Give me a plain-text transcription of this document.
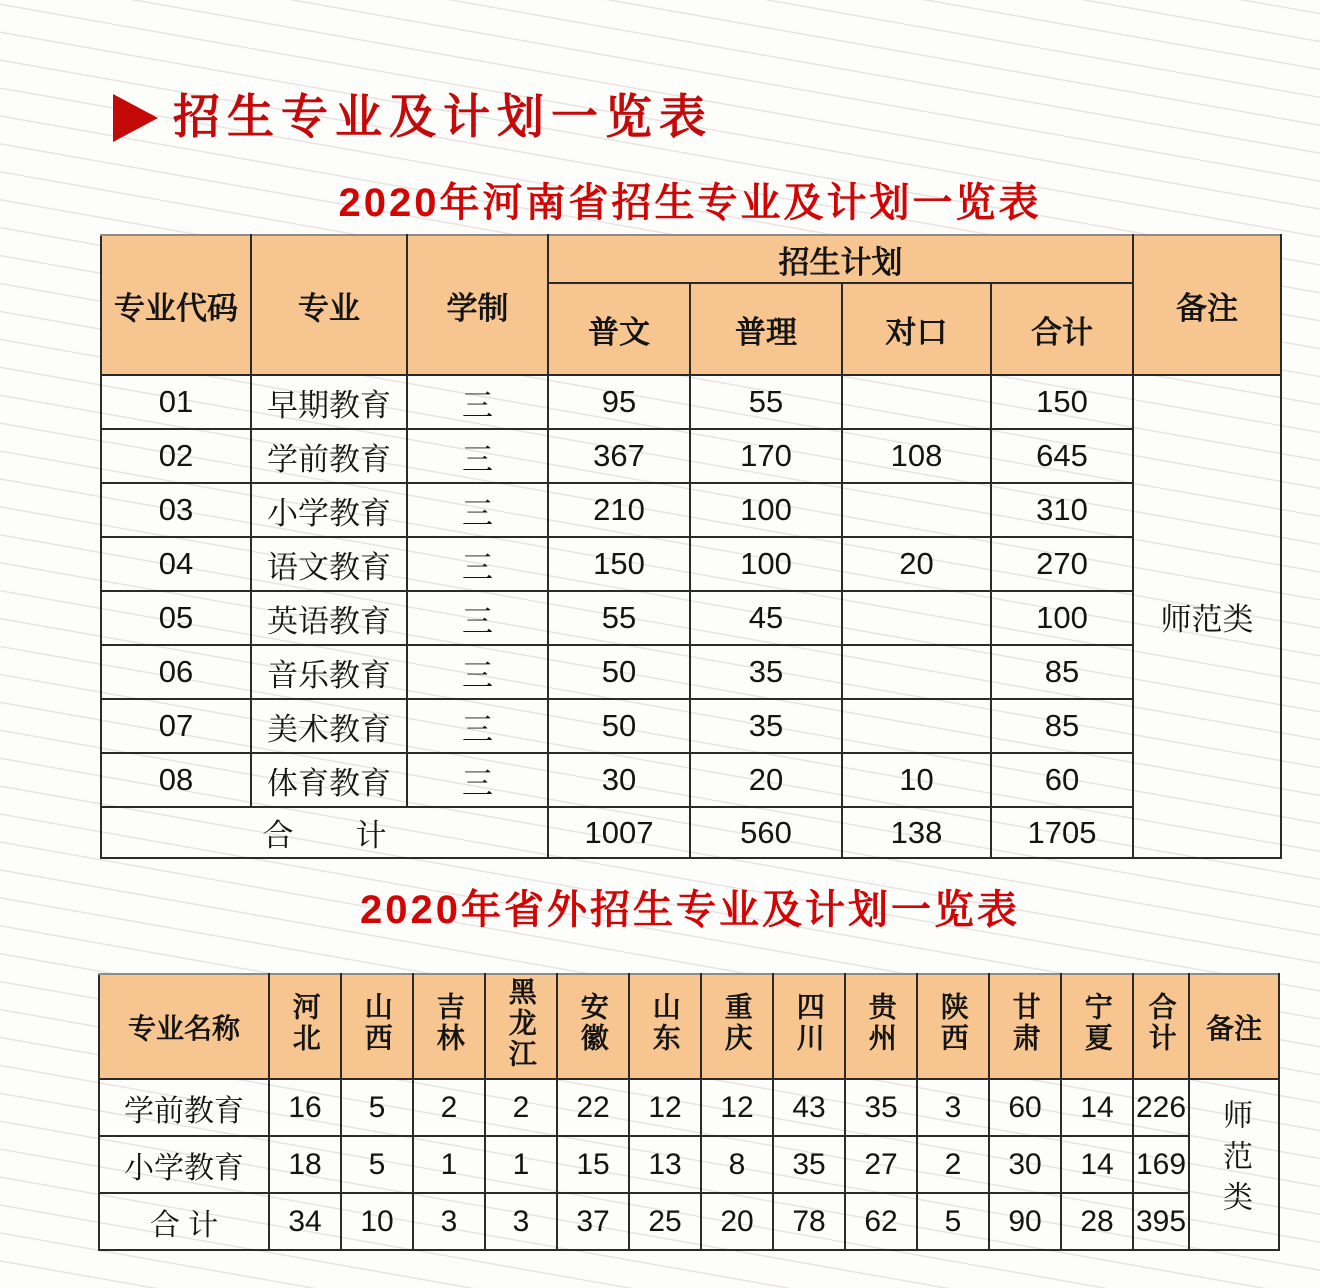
招生专业及计划一览表
2020年河南省招生专业及计划一览表
专业代码	专业	学制	招生计划				备注
			普文	普理	对口	合计	
01	早期教育	三	95	55		150	师范类
02	学前教育	三	367	170	108	645	
03	小学教育	三	210	100		310	
04	语文教育	三	150	100	20	270	
05	英语教育	三	55	45		100	
06	音乐教育	三	50	35		85	
07	美术教育	三	50	35		85	
08	体育教育	三	30	20	10	60	
合　　计			1007	560	138	1705	
2020年省外招生专业及计划一览表
专业名称	河北	山西	吉林	黑龙江	安徽	山东	重庆	四川	贵州	陕西	甘肃	宁夏	合计	备注
学前教育	16	5	2	2	22	12	12	43	35	3	60	14	226	师范类
小学教育	18	5	1	1	15	13	8	35	27	2	30	14	169	
合 计	34	10	3	3	37	25	20	78	62	5	90	28	395	
